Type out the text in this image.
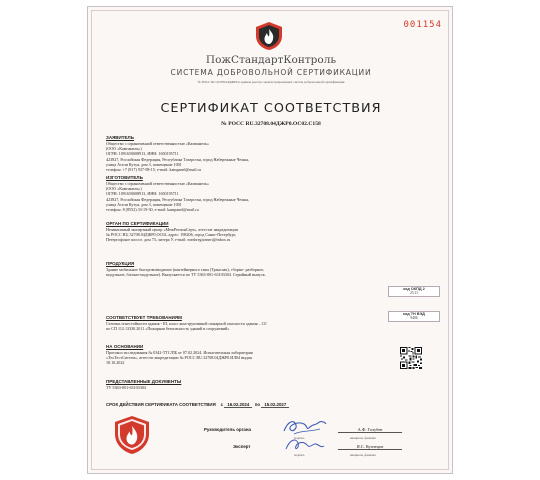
001154
ПожСтандартКонтроль
СИСТЕМА ДОБРОВОЛЬНОЙ СЕРТИФИКАЦИИ
№ РОСС RU.32708.04ДЖР0 в едином реестре зарегистрированных систем добровольной сертификации
СЕРТИФИКАТ СООТВЕТСТВИЯ
№ РОСС RU.32708.04ДЖР0.ОС02.С158
ЗАЯВИТЕЛЬ
Общество с ограниченной ответственностью «Кампанель»
(ООО «Кампанель»)
ОГРН: 1091650008913, ИНН: 1650195711
423827, Российская Федерация, Республика Татарстан, город Набережные Челны,
улица Асели Кутуя, дом 3, помещение 1001
телефон: +7 (917) 937-98-15, e-mail: kampanel@mail.ru
ИЗГОТОВИТЕЛЬ
Общество с ограниченной ответственностью «Кампанель»
(ООО «Кампанель»)
ОГРН: 1091650008913, ИНН: 1650195711
423827, Российская Федерация, Республика Татарстан, город Набережные Челны,
улица Асели Кутуя, дом 3, помещение 1001
телефон: 8 (8552) 33-19-30, e-mail: kampanel@mail.ru
ОРГАН ПО СЕРТИФИКАЦИИ
Независимый экспертный центр «МежРегионСерт», аттестат аккредитации
№ РОСС RU.32708.04ДЖР0.ОС02, адрес: 198206, город Санкт-Петербург,
Петергофское шоссе, дом 73, литера У, e-mail: mezhregionsert@inbox.ru
ПРОДУКЦИЯ
Здание мобильное быстровозводимое (контейнерного типа (Транслак), сборно- разборное,
модульное, блочно-модульное). Выпускается по ТУ 5363-001-63103304. Серийный выпуск.
код ОКПД 2
25.11
код ТН ВЭД
9406
СООТВЕТСТВУЕТ ТРЕБОВАНИЯМ
Степень огнестойкости здания - III, класс конструктивной пожарной опасности здания – С0
по СП 112.13330.2011 «Пожарная безопасность зданий и сооружений»
НА ОСНОВАНИИ
Протокол исследования № 0342-ТТС/ПБ от 07.02.2024. Испытательная лаборатория
«ТехТестСистем», аттестат аккредитации № РОСС RU.32708.04ДЖР0.ИЛ04 выдан
18.10.2022
ПРЕДСТАВЛЕННЫЕ ДОКУМЕНТЫ
ТУ 5363-001-63103304
СРОК ДЕЙСТВИЯ СЕРТИФИКАТА СООТВЕТСТВИЯ с 16.02.2024 по 15.02.2027
Руководитель органа	А.Ф. Голубев
подпись	инициалы, фамилия
Эксперт	Я.С. Кузнецов
подпись	инициалы, фамилия
